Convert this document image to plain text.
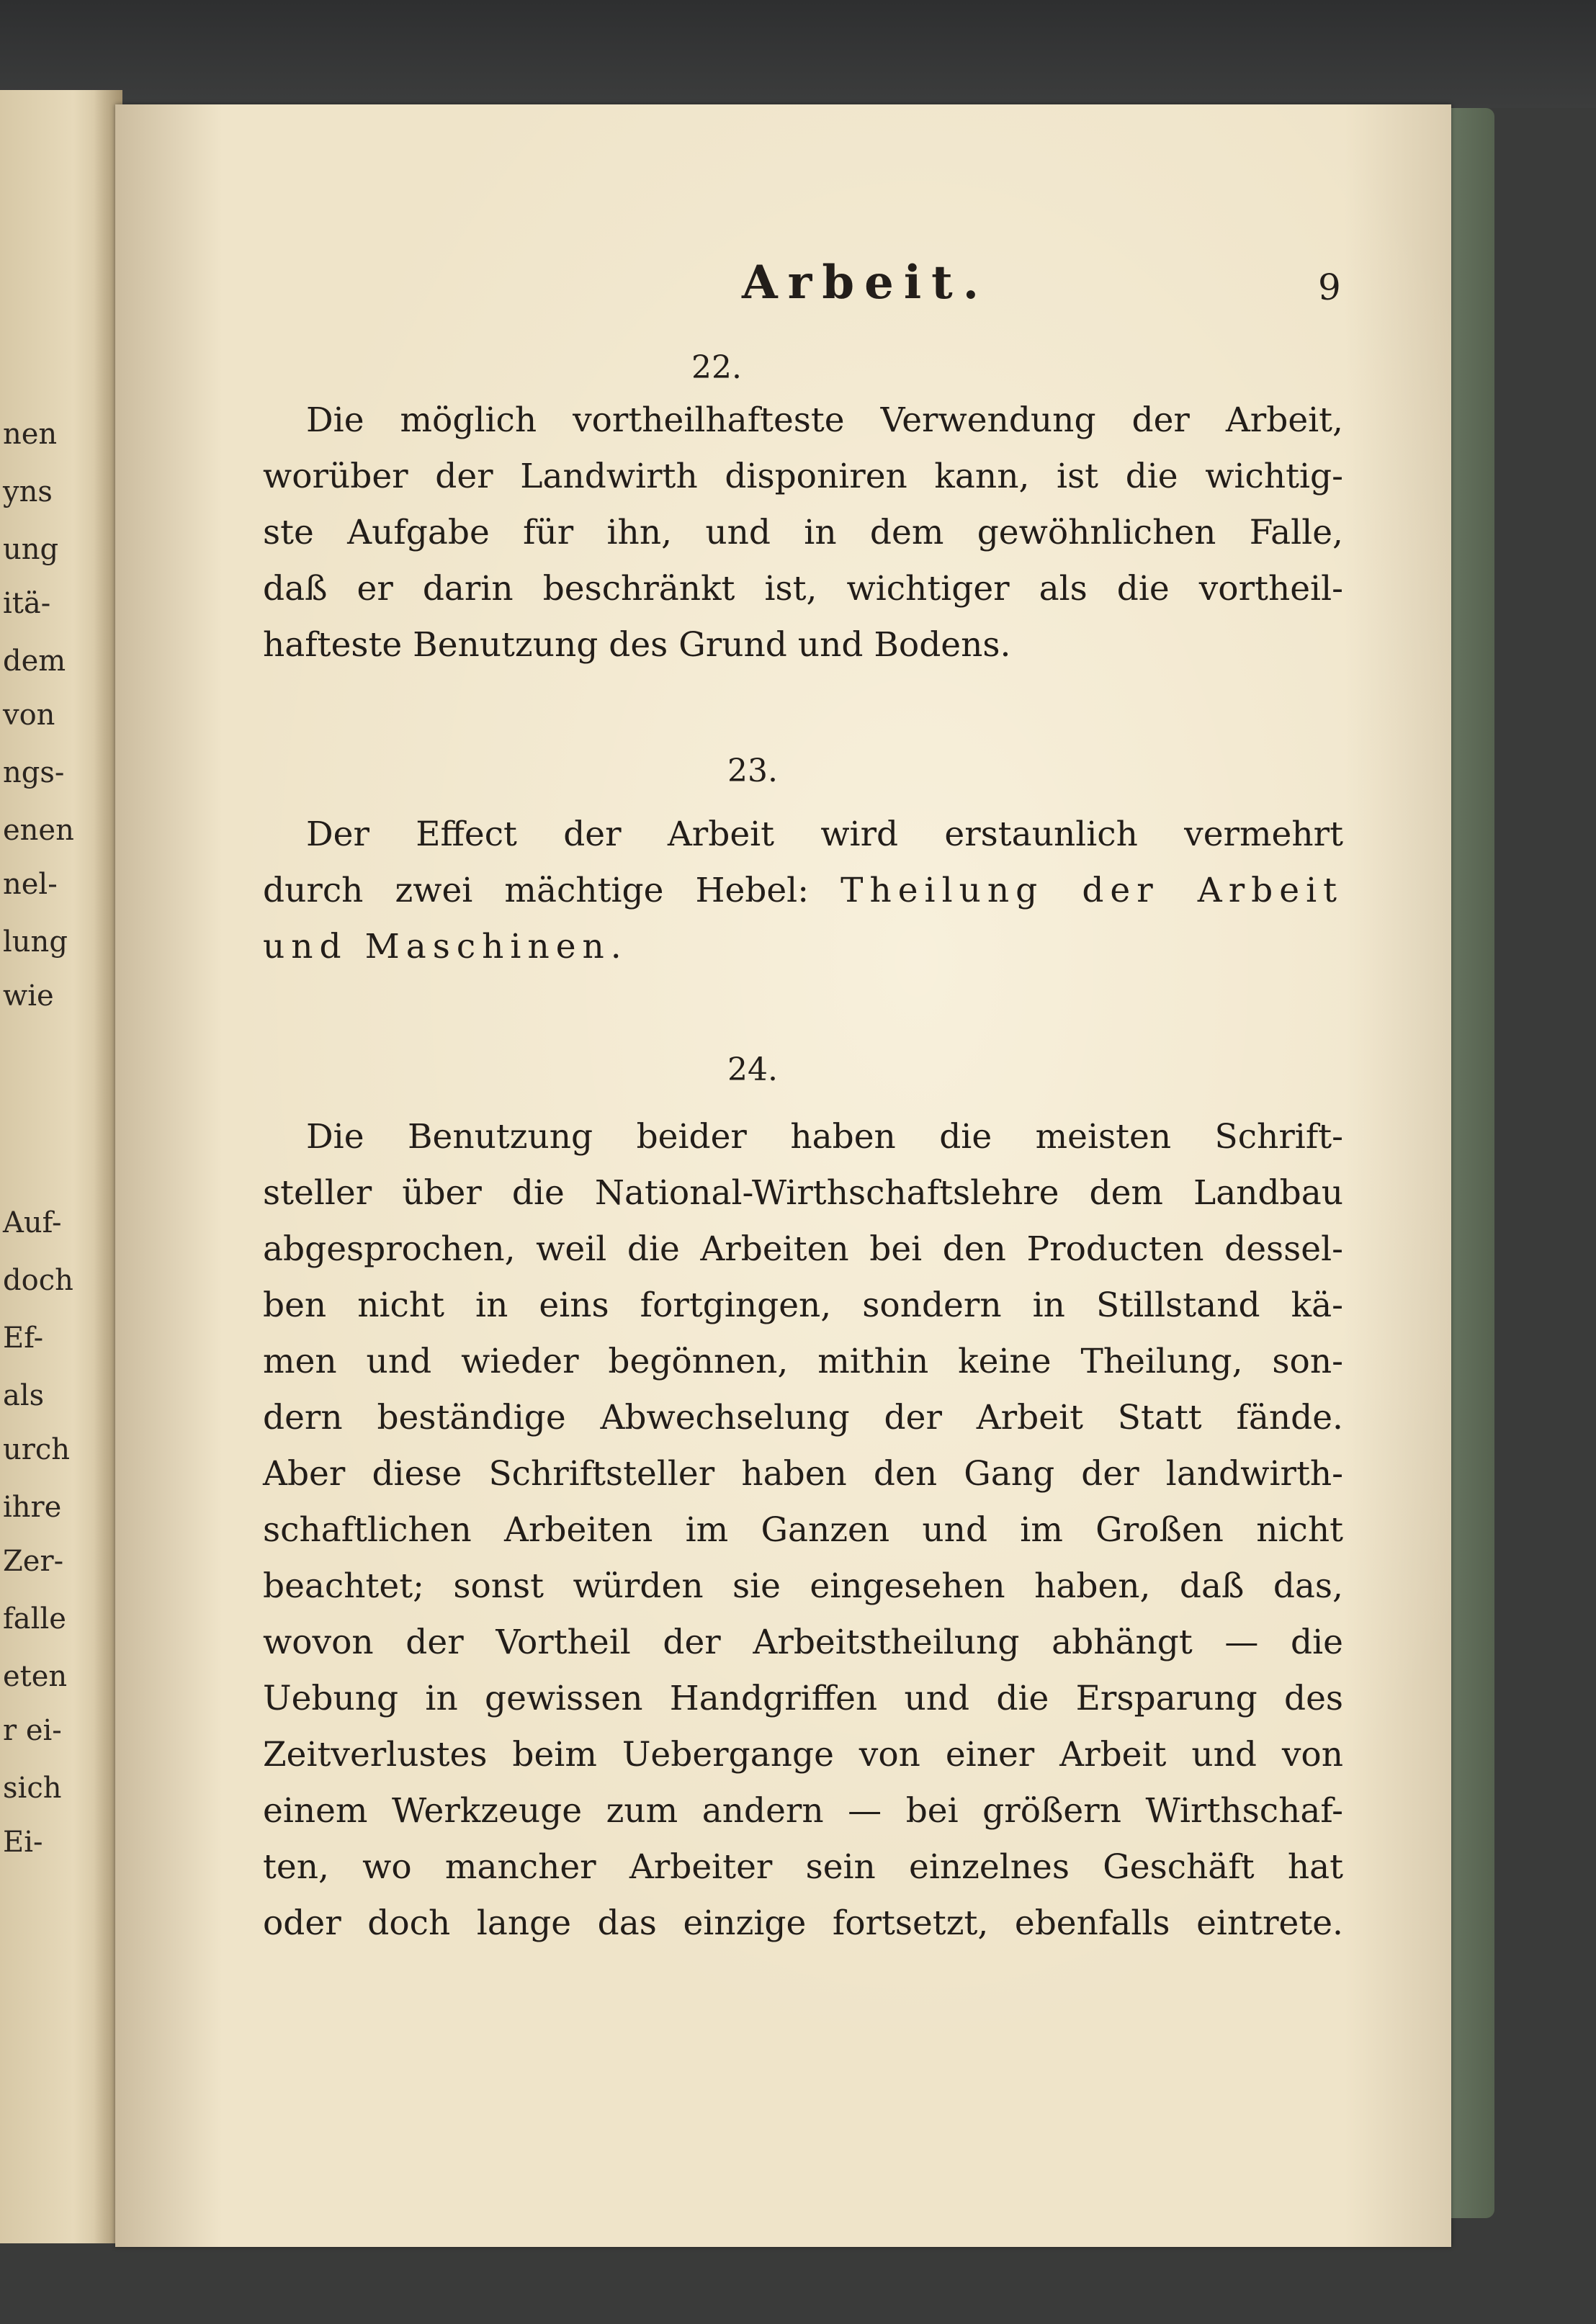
nen
yns
ung
itä-
dem
von
ngs-
enen
nel-
lung
wie
Auf-
doch
Ef-
als
urch
ihre
Zer-
falle
eten
r ei-
sich
Ei-
Arbeit.	9
22.
Die möglich vortheilhafteste Verwendung der Arbeit,
worüber der Landwirth disponiren kann, ist die wichtig-
ste Aufgabe für ihn, und in dem gewöhnlichen Falle,
daß er darin beschränkt ist, wichtiger als die vortheil-
hafteste Benutzung des Grund und Bodens.
23.
Der Effect der Arbeit wird erstaunlich vermehrt
durch zwei mächtige Hebel: Theilung der Arbeit
und Maschinen.
24.
Die Benutzung beider haben die meisten Schrift-
steller über die National-Wirthschaftslehre dem Landbau
abgesprochen, weil die Arbeiten bei den Producten dessel-
ben nicht in eins fortgingen, sondern in Stillstand kä-
men und wieder begönnen, mithin keine Theilung, son-
dern beständige Abwechselung der Arbeit Statt fände.
Aber diese Schriftsteller haben den Gang der landwirth-
schaftlichen Arbeiten im Ganzen und im Großen nicht
beachtet; sonst würden sie eingesehen haben, daß das,
wovon der Vortheil der Arbeitstheilung abhängt — die
Uebung in gewissen Handgriffen und die Ersparung des
Zeitverlustes beim Uebergange von einer Arbeit und von
einem Werkzeuge zum andern — bei größern Wirthschaf-
ten, wo mancher Arbeiter sein einzelnes Geschäft hat
oder doch lange das einzige fortsetzt, ebenfalls eintrete.
